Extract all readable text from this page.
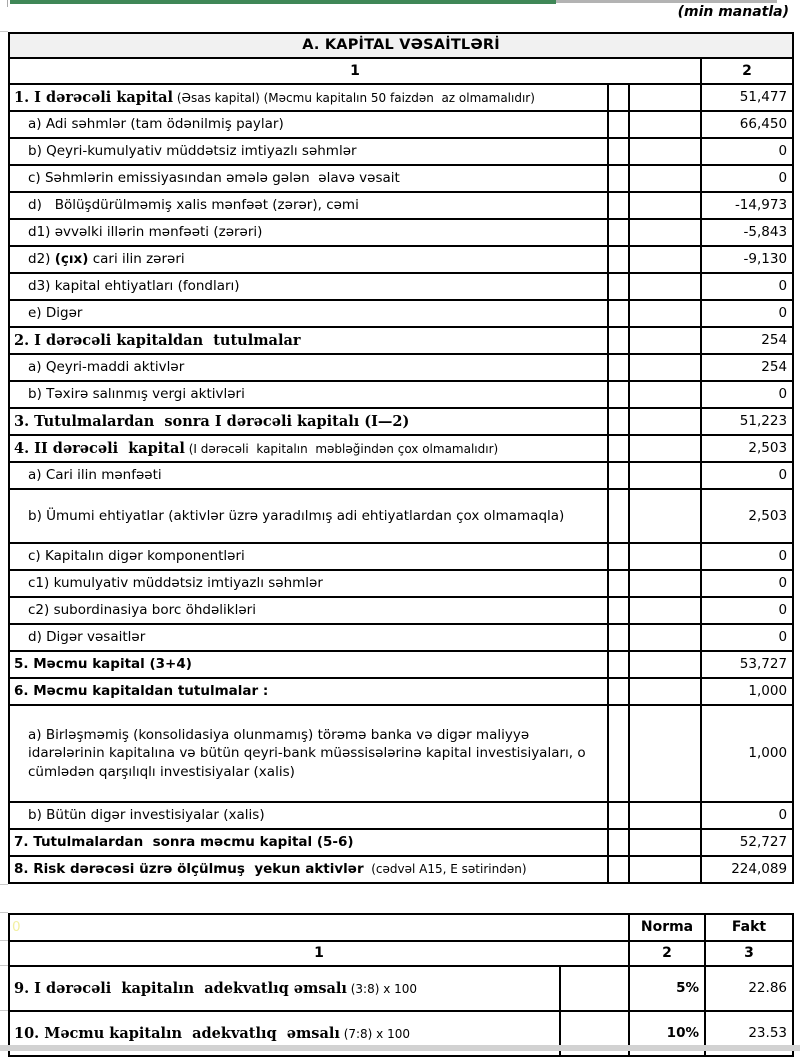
(min manatla)
A. KAPİTAL VƏSAİTLƏRİ			
1			2
1. I dərəcəli kapital (Əsas kapital) (Məcmu kapitalın 50 faizdən  az olmamalıdır)			51,477
a) Adi səhmlər (tam ödənilmiş paylar)			66,450
b) Qeyri-kumulyativ müddətsiz imtiyazlı səhmlər			0
c) Səhmlərin emissiyasından əmələ gələn  əlavə vəsait			0
d)   Bölüşdürülməmiş xalis mənfəət (zərər), cəmi			-14,973
d1) əvvəlki illərin mənfəəti (zərəri)			-5,843
d2) (çıx) cari ilin zərəri			-9,130
d3) kapital ehtiyatları (fondları)			0
e) Digər			0
2. I dərəcəli kapitaldan  tutulmalar			254
a) Qeyri-maddi aktivlər			254
b) Təxirə salınmış vergi aktivləri			0
3. Tutulmalardan  sonra I dərəcəli kapitalı (I—2)			51,223
4. II dərəcəli  kapital (I dərəcəli  kapitalın  məbləğindən çox olmamalıdır)			2,503
a) Cari ilin mənfəəti			0
b) Ümumi ehtiyatlar (aktivlər üzrə yaradılmış adi ehtiyatlardan çox olmamaqla)			2,503
c) Kapitalın digər komponentləri			0
c1) kumulyativ müddətsiz imtiyazlı səhmlər			0
c2) subordinasiya borc öhdəlikləri			0
d) Digər vəsaitlər			0
5. Məcmu kapital (3+4)			53,727
6. Məcmu kapitaldan tutulmalar :			1,000
a) Birləşməmiş (konsolidasiya olunmamış) törəmə banka və digər maliyyə idarələrinin kapitalına və bütün qeyri-bank müəssisələrinə kapital investisiyaları, o cümlədən qarşılıqlı investisiyalar (xalis)			1,000
b) Bütün digər investisiyalar (xalis)			0
7. Tutulmalardan  sonra məcmu kapital (5-6)			52,727
8. Risk dərəcəsi üzrə ölçülmuş  yekun aktivlər  (cədvəl A15, E sətirindən)			224,089
0		Norma	Fakt
1		2	3
9. I dərəcəli  kapitalın  adekvatlıq əmsalı (3:8) x 100		5%	22.86
10. Məcmu kapitalın  adekvatlıq  əmsalı (7:8) x 100		10%	23.53
